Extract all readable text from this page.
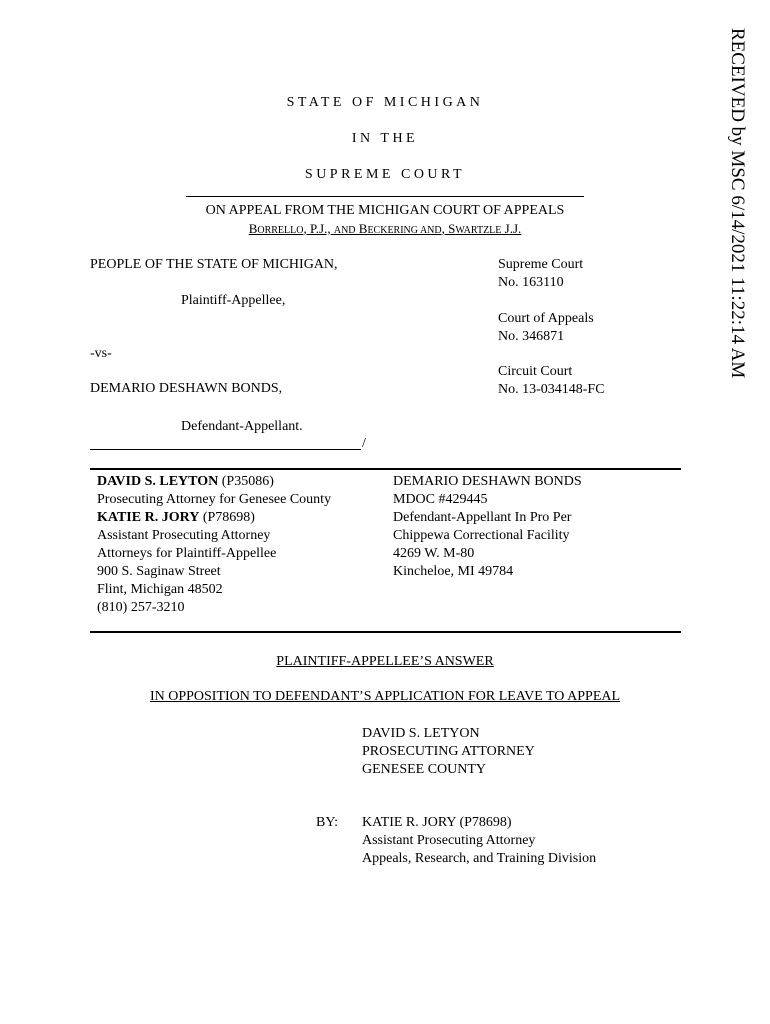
RECEIVED by MSC 6/14/2021 11:22:14 AM
STATE OF MICHIGAN
IN THE
SUPREME COURT
ON APPEAL FROM THE MICHIGAN COURT OF APPEALS
BORRELLO, P.J., AND BECKERING AND, SWARTZLE J.J.
PEOPLE OF THE STATE OF MICHIGAN,
Plaintiff-Appellee,
-vs-
DEMARIO DESHAWN BONDS,
Defendant-Appellant.
/
Supreme Court
No. 163110
Court of Appeals
No. 346871
Circuit Court
No. 13-034148-FC
DAVID S. LEYTON (P35086)
Prosecuting Attorney for Genesee County
KATIE R. JORY (P78698)
Assistant Prosecuting Attorney
Attorneys for Plaintiff-Appellee
900 S. Saginaw Street
Flint, Michigan 48502
(810) 257-3210
DEMARIO DESHAWN BONDS
MDOC #429445
Defendant-Appellant In Pro Per
Chippewa Correctional Facility
4269 W. M-80
Kincheloe, MI 49784
PLAINTIFF-APPELLEE’S ANSWER
IN OPPOSITION TO DEFENDANT’S APPLICATION FOR LEAVE TO APPEAL
DAVID S. LETYON
PROSECUTING ATTORNEY
GENESEE COUNTY
BY: KATIE R. JORY (P78698)
Assistant Prosecuting Attorney
Appeals, Research, and Training Division
